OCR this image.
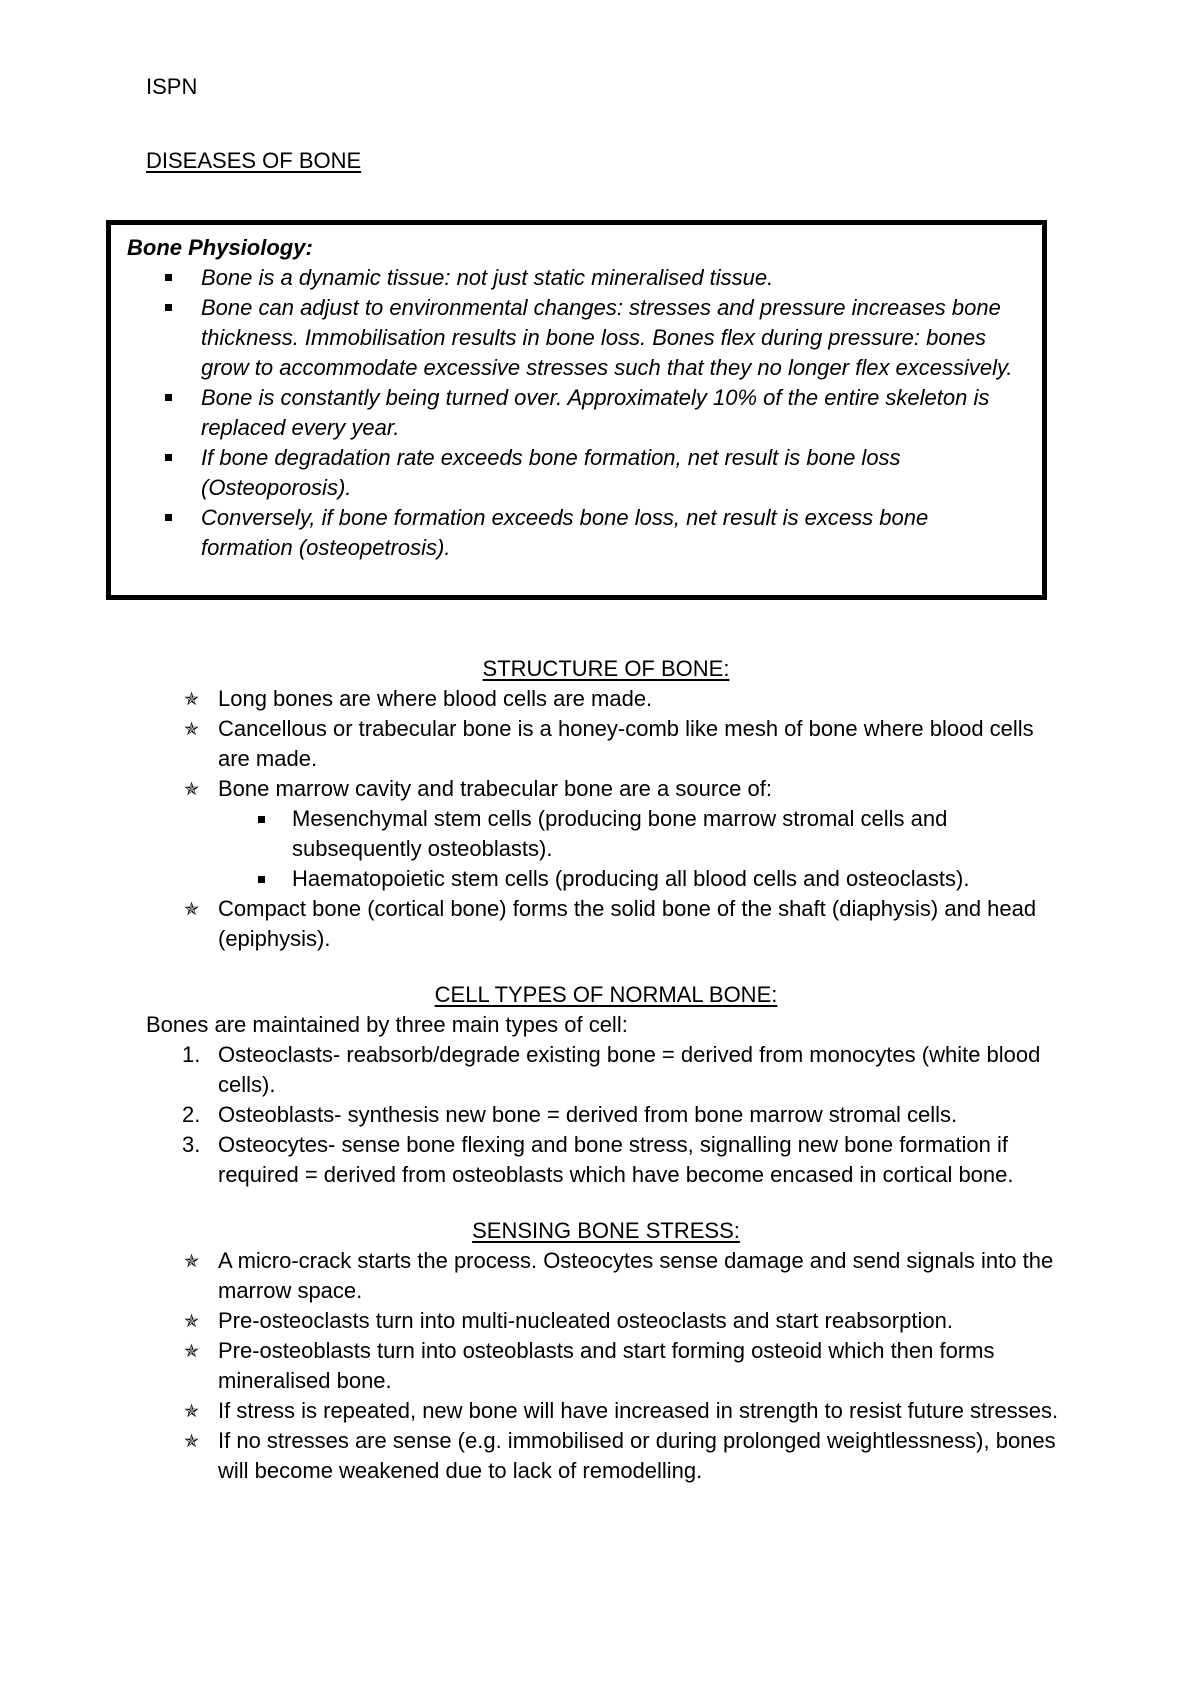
ISPN
DISEASES OF BONE
Bone Physiology:
Bone is a dynamic tissue: not just static mineralised tissue.
Bone can adjust to environmental changes: stresses and pressure increases bone thickness. Immobilisation results in bone loss. Bones flex during pressure: bones grow to accommodate excessive stresses such that they no longer flex excessively.
Bone is constantly being turned over. Approximately 10% of the entire skeleton is replaced every year.
If bone degradation rate exceeds bone formation, net result is bone loss (Osteoporosis).
Conversely, if bone formation exceeds bone loss, net result is excess bone formation (osteopetrosis).
STRUCTURE OF BONE:
✯ Long bones are where blood cells are made.
✯ Cancellous or trabecular bone is a honey-comb like mesh of bone where blood cells are made.
✯ Bone marrow cavity and trabecular bone are a source of:
Mesenchymal stem cells (producing bone marrow stromal cells and subsequently osteoblasts).
Haematopoietic stem cells (producing all blood cells and osteoclasts).
✯ Compact bone (cortical bone) forms the solid bone of the shaft (diaphysis) and head (epiphysis).
CELL TYPES OF NORMAL BONE:

Bones are maintained by three main types of cell:

1. Osteoclasts- reabsorb/degrade existing bone = derived from monocytes (white blood cells).
2. Osteoblasts- synthesis new bone = derived from bone marrow stromal cells.
3. Osteocytes- sense bone flexing and bone stress, signalling new bone formation if required = derived from osteoblasts which have become encased in cortical bone.
SENSING BONE STRESS:
✯ A micro-crack starts the process. Osteocytes sense damage and send signals into the marrow space.
✯ Pre-osteoclasts turn into multi-nucleated osteoclasts and start reabsorption.
✯ Pre-osteoblasts turn into osteoblasts and start forming osteoid which then forms mineralised bone.
✯ If stress is repeated, new bone will have increased in strength to resist future stresses.
✯ If no stresses are sense (e.g. immobilised or during prolonged weightlessness), bones will become weakened due to lack of remodelling.
